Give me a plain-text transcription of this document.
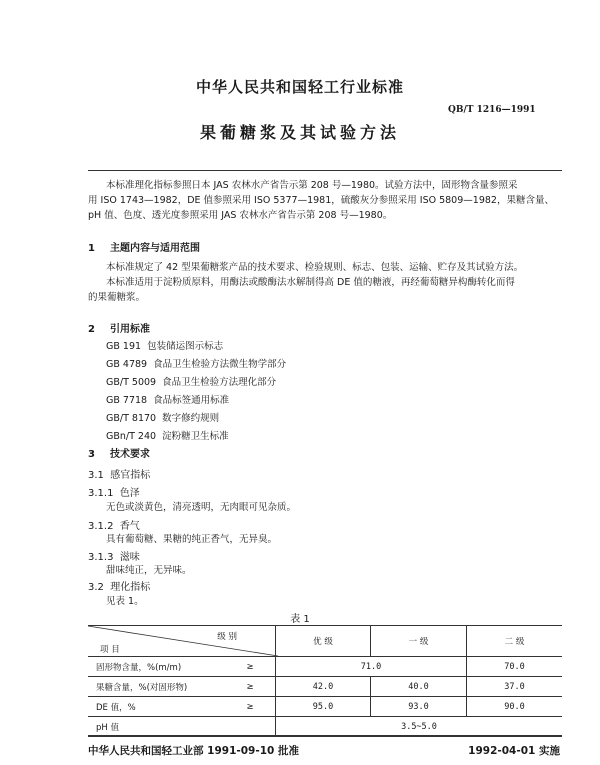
中华人民共和国轻工行业标准
QB/T 1216—1991
果葡糖浆及其试验方法
本标准理化指标参照日本 JAS 农林水产省告示第 208 号—1980。试验方法中，固形物含量参照采
用 ISO 1743—1982，DE 值参照采用 ISO 5377—1981，硫酸灰分参照采用 ISO 5809—1982，果糖含量、
pH 值、色度、透光度参照采用 JAS 农林水产省告示第 208 号—1980。
1 主题内容与适用范围
本标准规定了 42 型果葡糖浆产品的技术要求、检验规则、标志、包装、运输、贮存及其试验方法。
本标准适用于淀粉质原料，用酶法或酸酶法水解制得高 DE 值的糖液，再经葡萄糖异构酶转化而得
的果葡糖浆。
2 引用标准
GB 191 包装储运图示标志
GB 4789 食品卫生检验方法微生物学部分
GB/T 5009 食品卫生检验方法理化部分
GB 7718 食品标签通用标准
GB/T 8170 数字修约规则
GBn/T 240 淀粉糖卫生标准
3 技术要求
3.1 感官指标
3.1.1 色泽
无色或淡黄色，清亮透明，无肉眼可见杂质。
3.1.2 香气
具有葡萄糖、果糖的纯正香气，无异臭。
3.1.3 滋味
甜味纯正，无异味。
3.2 理化指标
见表 1。
表 1
级 别
项 目		优 级	一 级	二 级
固形物含量，%(m/m)	≥	71.0		70.0
果糖含量，%(对固形物)	≥	42.0	40.0	37.0
DE 值，%	≥	95.0	93.0	90.0
pH 值		3.5~5.0		
中华人民共和国轻工业部 1991-09-10 批准	1992-04-01 实施
